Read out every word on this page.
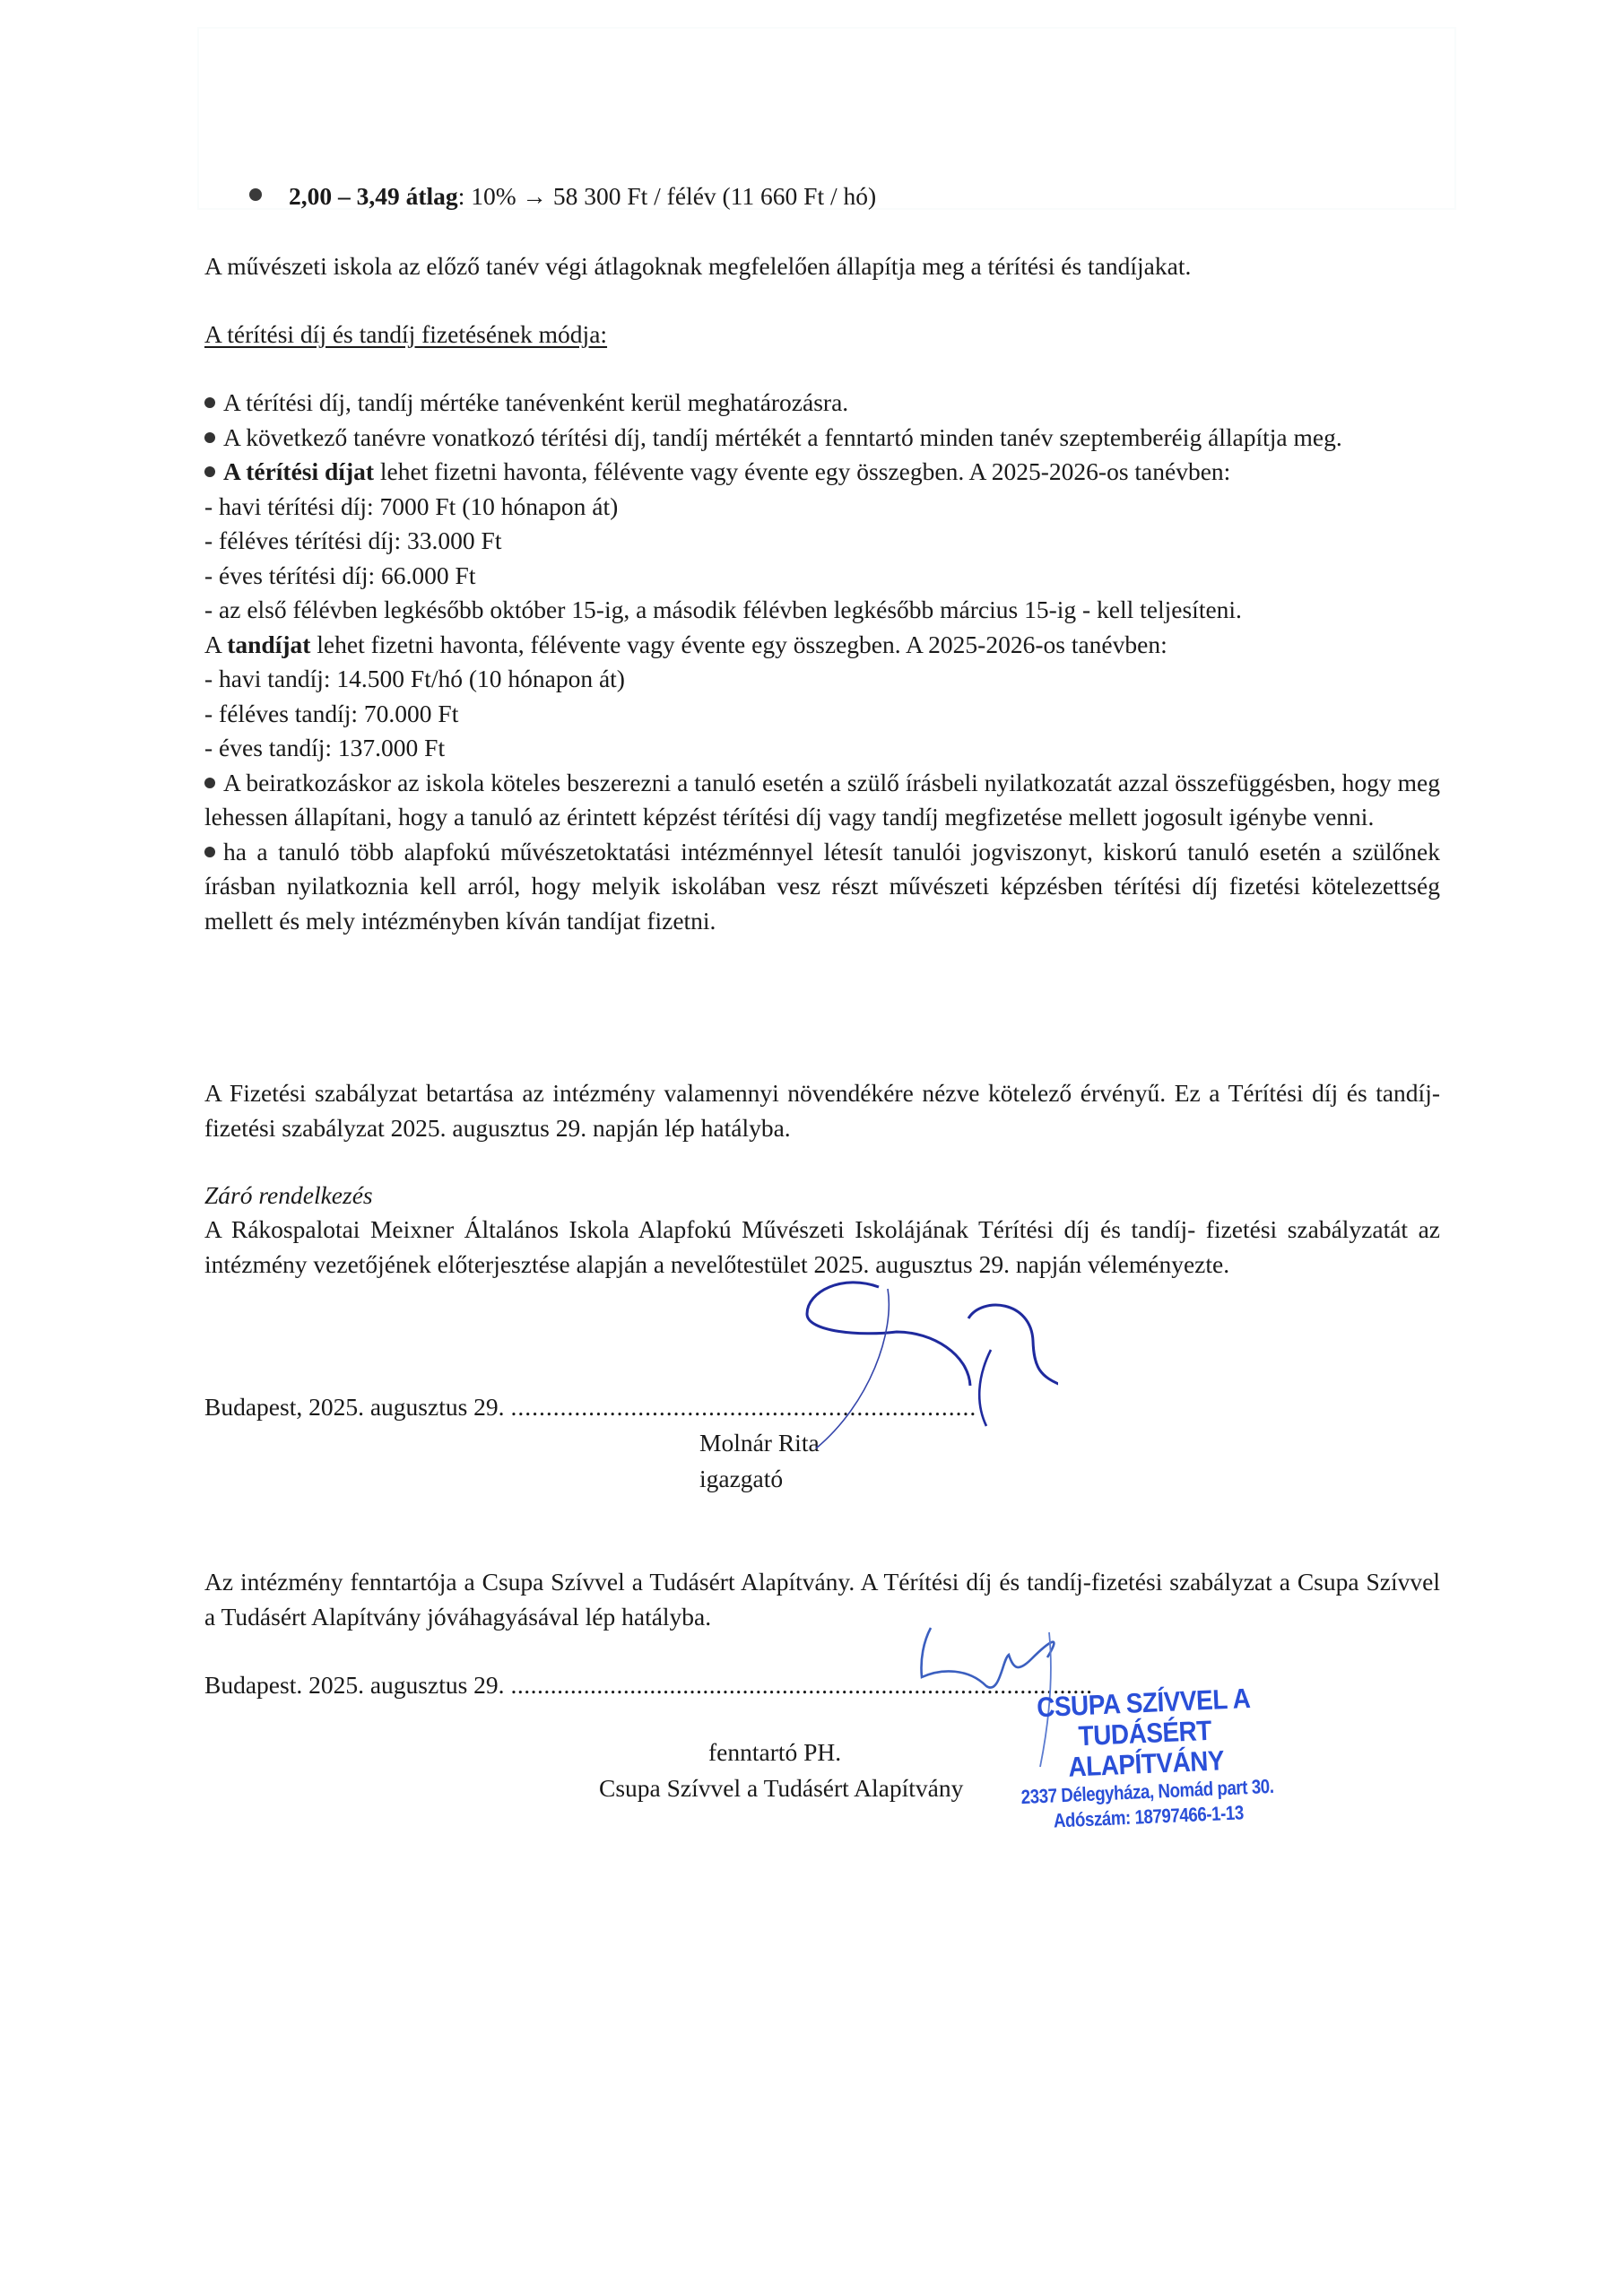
2,00 – 3,49 átlag: 10% → 58 300 Ft / félév (11 660 Ft / hó)
A művészeti iskola az előző tanév végi átlagoknak megfelelően állapítja meg a térítési és tandíjakat.
A térítési díj és tandíj fizetésének módja:
A térítési díj, tandíj mértéke tanévenként kerül meghatározásra.
A következő tanévre vonatkozó térítési díj, tandíj mértékét a fenntartó minden tanév szeptemberéig állapítja meg.
A térítési díjat lehet fizetni havonta, félévente vagy évente egy összegben. A 2025-2026-os tanévben:
- havi térítési díj: 7000 Ft (10 hónapon át)
- féléves térítési díj: 33.000 Ft
- éves térítési díj: 66.000 Ft
- az első félévben legkésőbb október 15-ig, a második félévben legkésőbb március 15-ig - kell teljesíteni.
A tandíjat lehet fizetni havonta, félévente vagy évente egy összegben. A 2025-2026-os tanévben:
- havi tandíj: 14.500 Ft/hó (10 hónapon át)
- féléves tandíj: 70.000 Ft
- éves tandíj: 137.000 Ft
A beiratkozáskor az iskola köteles beszerezni a tanuló esetén a szülő írásbeli nyilatkozatát azzal összefüggésben, hogy meg lehessen állapítani, hogy a tanuló az érintett képzést térítési díj vagy tandíj megfizetése mellett jogosult igénybe venni.
ha a tanuló több alapfokú művészetoktatási intézménnyel létesít tanulói jogviszonyt, kiskorú tanuló esetén a szülőnek írásban nyilatkoznia kell arról, hogy melyik iskolában vesz részt művészeti képzésben térítési díj fizetési kötelezettség mellett és mely intézményben kíván tandíjat fizetni.
A Fizetési szabályzat betartása az intézmény valamennyi növendékére nézve kötelező érvényű. Ez a Térítési díj és tandíj-fizetési szabályzat 2025. augusztus 29. napján lép hatályba.
Záró rendelkezés
A Rákospalotai Meixner Általános Iskola Alapfokú Művészeti Iskolájának Térítési díj és tandíj- fizetési szabályzatát az intézmény vezetőjének előterjesztése alapján a nevelőtestület 2025. augusztus 29. napján véleményezte.
Budapest, 2025. augusztus 29. ..................................................................
Molnár Rita
igazgató
Az intézmény fenntartója a Csupa Szívvel a Tudásért Alapítvány. A Térítési díj és tandíj-fizetési szabályzat a Csupa Szívvel a Tudásért Alapítvány jóváhagyásával lép hatályba.
Budapest. 2025. augusztus 29. ........................................................................................
fenntartó PH.
Csupa Szívvel a Tudásért Alapítvány
CSUPA SZÍVVEL A TUDÁSÉRT
ALAPÍTVÁNY
2337 Délegyháza, Nomád part 30.
Adószám: 18797466-1-13
